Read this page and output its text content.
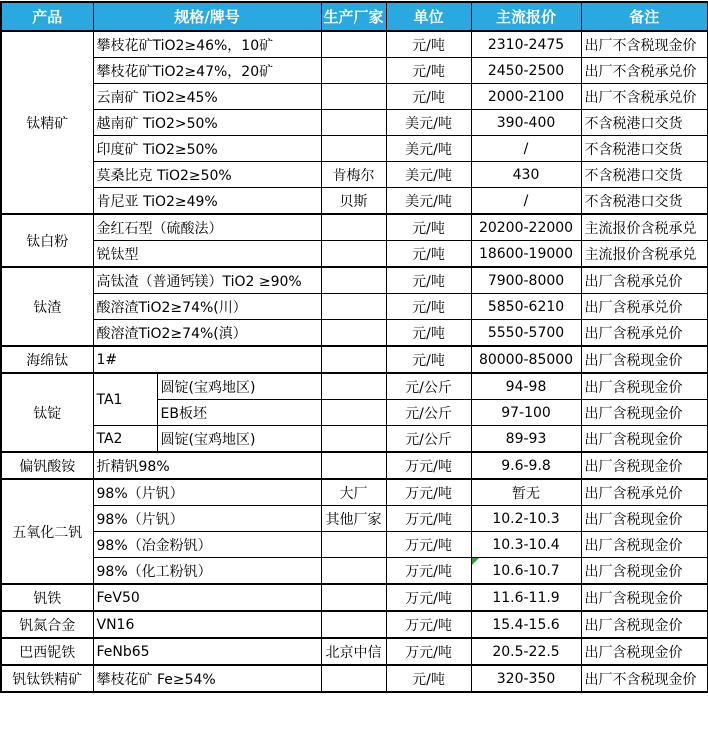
产品	规格/牌号		生产厂家	单位	主流报价	备注
钛精矿	攀枝花矿TiO2≥46%，10矿			元/吨	2310-2475	出厂不含税现金价
	攀枝花矿TiO2≥47%，20矿			元/吨	2450-2500	出厂不含税承兑价
	云南矿 TiO2≥45%			元/吨	2000-2100	出厂不含税承兑价
	越南矿 TiO2>50%			美元/吨	390-400	不含税港口交货
	印度矿 TiO2≥50%			美元/吨	/	不含税港口交货
	莫桑比克 TiO2≥50%		肯梅尔	美元/吨	430	不含税港口交货
	肯尼亚 TiO2≥49%		贝斯	美元/吨	/	不含税港口交货
钛白粉	金红石型（硫酸法）			元/吨	20200-22000	主流报价含税承兑
	锐钛型			元/吨	18600-19000	主流报价含税承兑
钛渣	高钛渣（普通钙镁）TiO2 ≥90%			元/吨	7900-8000	出厂含税承兑价
	酸溶渣TiO2≥74%(川）			元/吨	5850-6210	出厂含税承兑价
	酸溶渣TiO2≥74%(滇）			元/吨	5550-5700	出厂含税承兑价
海绵钛	1#			元/吨	80000-85000	出厂含税现金价
钛锭	TA1	圆锭(宝鸡地区)		元/公斤	94-98	出厂含税现金价
		EB板坯		元/公斤	97-100	出厂含税现金价
	TA2	圆锭(宝鸡地区)		元/公斤	89-93	出厂含税现金价
偏钒酸铵	折精钒98%			万元/吨	9.6-9.8	出厂含税现金价
五氧化二钒	98%（片钒）		大厂	万元/吨	暂无	出厂含税承兑价
	98%（片钒）		其他厂家	万元/吨	10.2-10.3	出厂含税现金价
	98%（冶金粉钒）			万元/吨	10.3-10.4	出厂含税现金价
	98%（化工粉钒）			万元/吨	10.6-10.7	出厂含税现金价
钒铁	FeV50			万元/吨	11.6-11.9	出厂含税现金价
钒氮合金	VN16			万元/吨	15.4-15.6	出厂含税现金价
巴西铌铁	FeNb65		北京中信	万元/吨	20.5-22.5	出厂含税现金价
钒钛铁精矿	攀枝花矿 Fe≥54%			元/吨	320-350	出厂不含税现金价
